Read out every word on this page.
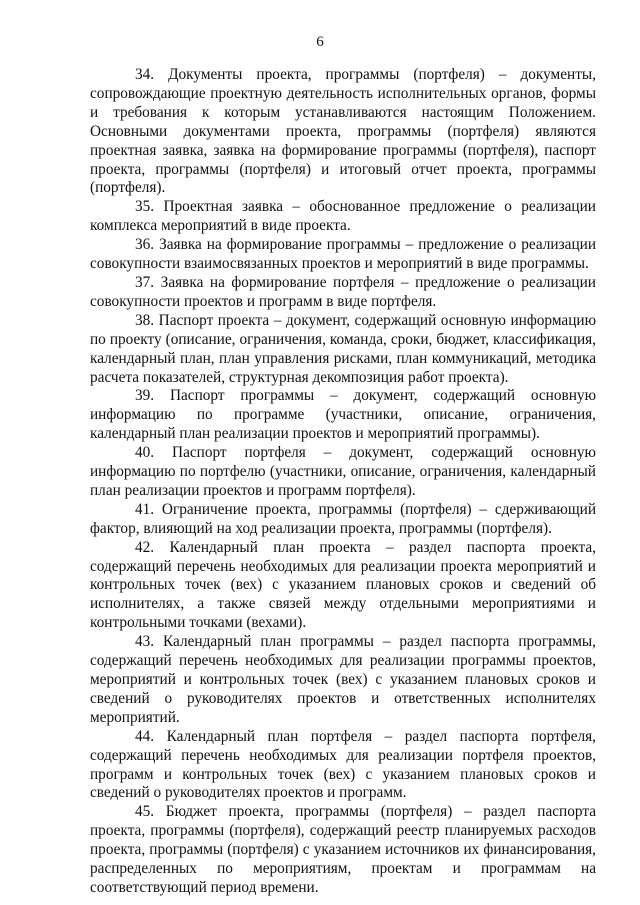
6

34. Документы проекта, программы (портфеля) – документы, сопровождающие проектную деятельность исполнительных органов, формы и требования к которым устанавливаются настоящим Положением. Основными документами проекта, программы (портфеля) являются проектная заявка, заявка на формирование программы (портфеля), паспорт проекта, программы (портфеля) и итоговый отчет проекта, программы (портфеля).

35. Проектная заявка – обоснованное предложение о реализации комплекса мероприятий в виде проекта.

36. Заявка на формирование программы – предложение о реализации совокупности взаимосвязанных проектов и мероприятий в виде программы.

37. Заявка на формирование портфеля – предложение о реализации совокупности проектов и программ в виде портфеля.

38. Паспорт проекта – документ, содержащий основную информацию по проекту (описание, ограничения, команда, сроки, бюджет, классификация, календарный план, план управления рисками, план коммуникаций, методика расчета показателей, структурная декомпозиция работ проекта).

39. Паспорт программы – документ, содержащий основную информацию по программе (участники, описание, ограничения, календарный план реализации проектов и мероприятий программы).

40. Паспорт портфеля – документ, содержащий основную информацию по портфелю (участники, описание, ограничения, календарный план реализации проектов и программ портфеля).

41. Ограничение проекта, программы (портфеля) – сдерживающий фактор, влияющий на ход реализации проекта, программы (портфеля).

42. Календарный план проекта – раздел паспорта проекта, содержащий перечень необходимых для реализации проекта мероприятий и контрольных точек (вех) с указанием плановых сроков и сведений об исполнителях, а также связей между отдельными мероприятиями и контрольными точками (вехами).

43. Календарный план программы – раздел паспорта программы, содержащий перечень необходимых для реализации программы проектов, мероприятий и контрольных точек (вех) с указанием плановых сроков и сведений о руководителях проектов и ответственных исполнителях мероприятий.

44. Календарный план портфеля – раздел паспорта портфеля, содержащий перечень необходимых для реализации портфеля проектов, программ и контрольных точек (вех) с указанием плановых сроков и сведений о руководителях проектов и программ.

45. Бюджет проекта, программы (портфеля) – раздел паспорта проекта, программы (портфеля), содержащий реестр планируемых расходов проекта, программы (портфеля) с указанием источников их финансирования, распределенных по мероприятиям, проектам и программам на соответствующий период времени.
